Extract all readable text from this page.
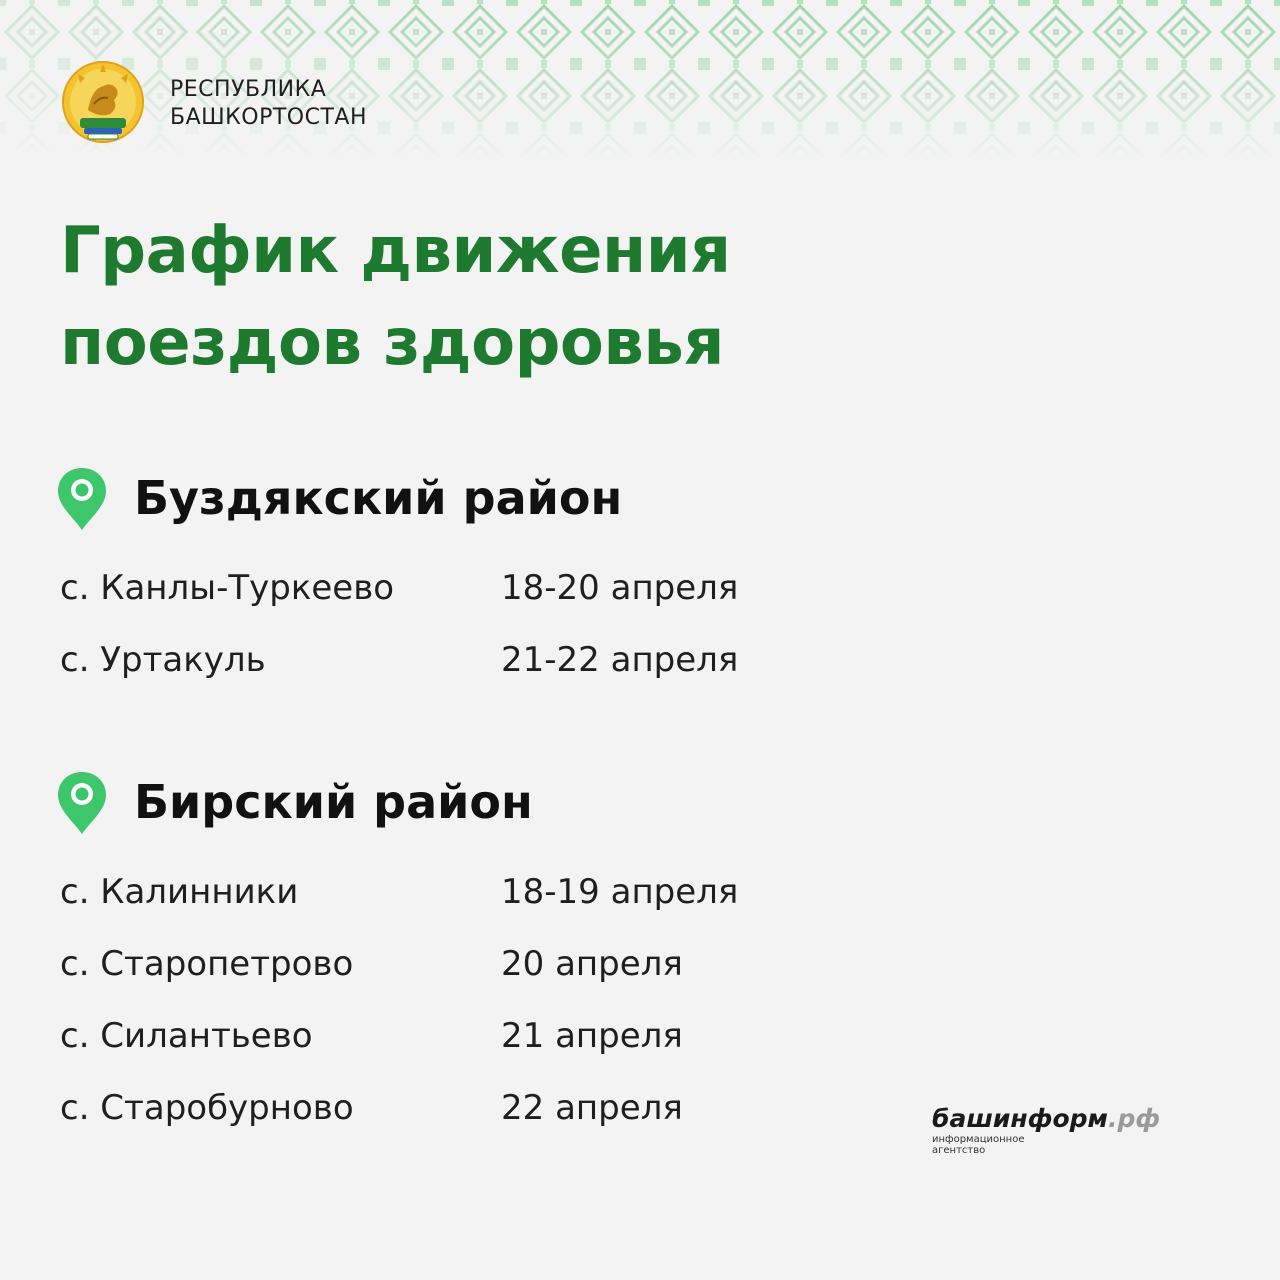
РЕСПУБЛИКА
БАШКОРТОСТАН
График движения
поездов здоровья
Буздякский район
с. Канлы-Туркеево	18-20 апреля
с. Уртакуль	21-22 апреля
Бирский район
с. Калинники	18-19 апреля
с. Старопетрово	20 апреля
с. Силантьево	21 апреля
с. Старобурново	22 апреля	башинформ.рф
информационное
агентство
